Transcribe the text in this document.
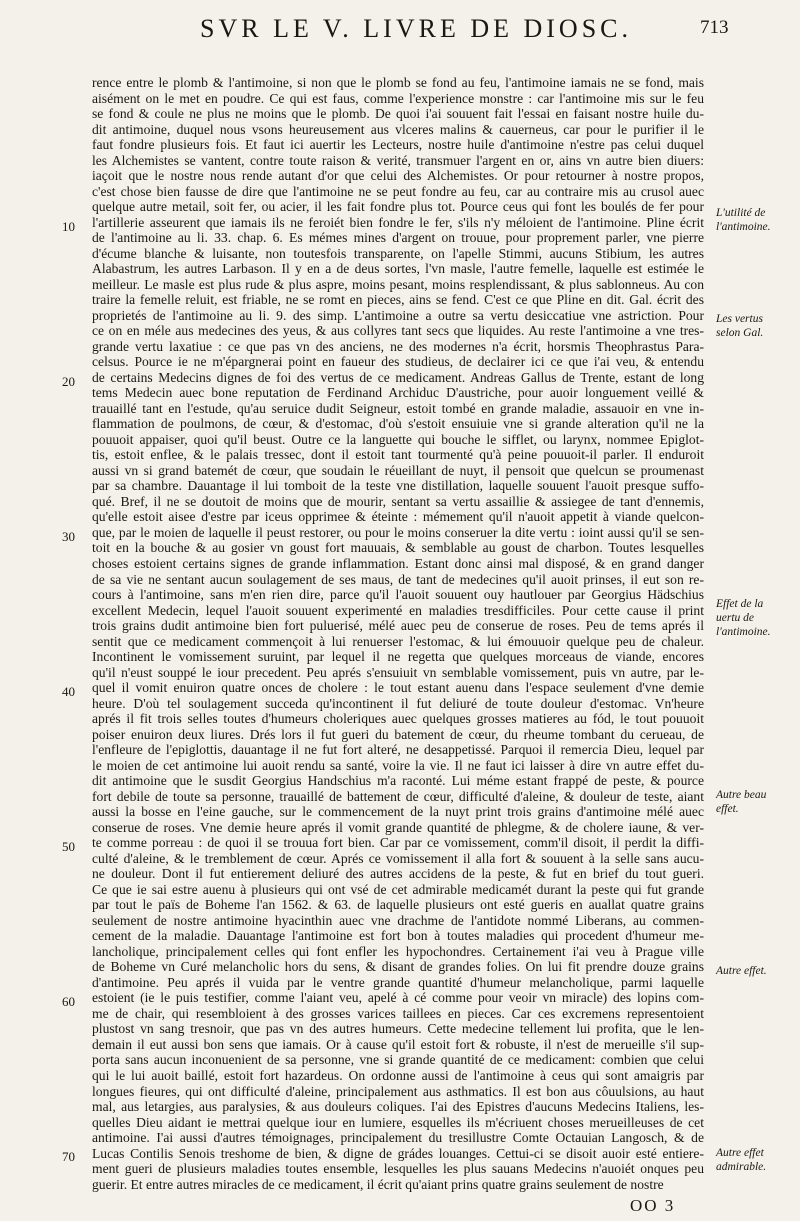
SVR LE V. LIVRE DE DIOSC.	713
10
20
30
40
50
60
70
rence entre le plomb & l'antimoine, si non que le plomb se fond au feu, l'antimoine iamais ne se fond, mais
aisément on le met en poudre. Ce qui est faus, comme l'experience monstre : car l'antimoine mis sur le feu
se fond & coule ne plus ne moins que le plomb. De quoi i'ai souuent fait l'essai en faisant nostre huile du-
dit antimoine, duquel nous vsons heureusement aus vlceres malins & cauerneus, car pour le purifier il le
faut fondre plusieurs fois. Et faut ici auertir les Lecteurs, nostre huile d'antimoine n'estre pas celui duquel
les Alchemistes se vantent, contre toute raison & verité, transmuer l'argent en or, ains vn autre bien diuers:
iaçoit que le nostre nous rende autant d'or que celui des Alchemistes. Or pour retourner à nostre propos,
c'est chose bien fausse de dire que l'antimoine ne se peut fondre au feu, car au contraire mis au crusol auec
quelque autre metail, soit fer, ou acier, il les fait fondre plus tot. Pource ceus qui font les boulés de fer pour
l'artillerie asseurent que iamais ils ne feroiét bien fondre le fer, s'ils n'y méloient de l'antimoine. Pline écrit
de l'antimoine au li. 33. chap. 6. Es mémes mines d'argent on trouue, pour proprement parler, vne pierre
d'écume blanche & luisante, non toutesfois transparente, on l'apelle Stimmi, aucuns Stibium, les autres
Alabastrum, les autres Larbason. Il y en a de deus sortes, l'vn masle, l'autre femelle, laquelle est estimée le
meilleur. Le masle est plus rude & plus aspre, moins pesant, moins resplendissant, & plus sablonneus. Au con
traire la femelle reluit, est friable, ne se romt en pieces, ains se fend. C'est ce que Pline en dit. Gal. écrit des
proprietés de l'antimoine au li. 9. des simp. L'antimoine a outre sa vertu desiccatiue vne astriction. Pour
ce on en méle aus medecines des yeus, & aus collyres tant secs que liquides. Au reste l'antimoine a vne tres-
grande vertu laxatiue : ce que pas vn des anciens, ne des modernes n'a écrit, horsmis Theophrastus Para-
celsus. Pource ie ne m'épargnerai point en faueur des studieus, de declairer ici ce que i'ai veu, & entendu
de certains Medecins dignes de foi des vertus de ce medicament. Andreas Gallus de Trente, estant de long
tems Medecin auec bone reputation de Ferdinand Archiduc D'austriche, pour auoir longuement veillé &
trauaillé tant en l'estude, qu'au seruice dudit Seigneur, estoit tombé en grande maladie, assauoir en vne in-
flammation de poulmons, de cœur, & d'estomac, d'où s'estoit ensuiuie vne si grande alteration qu'il ne la
pouuoit appaiser, quoi qu'il beust. Outre ce la languette qui bouche le sifflet, ou larynx, nommee Epiglot-
tis, estoit enflee, & le palais tressec, dont il estoit tant tourmenté qu'à peine pouuoit-il parler. Il enduroit
aussi vn si grand batemét de cœur, que soudain le réueillant de nuyt, il pensoit que quelcun se proumenast
par sa chambre. Dauantage il lui tomboit de la teste vne distillation, laquelle souuent l'auoit presque suffo-
qué. Bref, il ne se doutoit de moins que de mourir, sentant sa vertu assaillie & assiegee de tant d'ennemis,
qu'elle estoit aisee d'estre par iceus opprimee & éteinte : mémement qu'il n'auoit appetit à viande quelcon-
que, par le moien de laquelle il peust restorer, ou pour le moins conseruer la dite vertu : ioint aussi qu'il se sen-
toit en la bouche & au gosier vn goust fort mauuais, & semblable au goust de charbon. Toutes lesquelles
choses estoient certains signes de grande inflammation. Estant donc ainsi mal disposé, & en grand danger
de sa vie ne sentant aucun soulagement de ses maus, de tant de medecines qu'il auoit prinses, il eut son re-
cours à l'antimoine, sans m'en rien dire, parce qu'il l'auoit souuent ouy hautlouer par Georgius Hädschius
excellent Medecin, lequel l'auoit souuent experimenté en maladies tresdifficiles. Pour cette cause il print
trois grains dudit antimoine bien fort puluerisé, mélé auec peu de conserue de roses. Peu de tems aprés il
sentit que ce medicament commençoit à lui renuerser l'estomac, & lui émouuoir quelque peu de chaleur.
Incontinent le vomissement suruint, par lequel il ne regetta que quelques morceaus de viande, encores
qu'il n'eust souppé le iour precedent. Peu aprés s'ensuiuit vn semblable vomissement, puis vn autre, par le-
quel il vomit enuiron quatre onces de cholere : le tout estant auenu dans l'espace seulement d'vne demie
heure. D'où tel soulagement succeda qu'incontinent il fut deliuré de toute douleur d'estomac. Vn'heure
aprés il fit trois selles toutes d'humeurs choleriques auec quelques grosses matieres au fód, le tout pouuoit
poiser enuiron deux liures. Drés lors il fut gueri du batement de cœur, du rheume tombant du cerueau, de
l'enfleure de l'epiglottis, dauantage il ne fut fort alteré, ne desappetissé. Parquoi il remercia Dieu, lequel par
le moien de cet antimoine lui auoit rendu sa santé, voire la vie. Il ne faut ici laisser à dire vn autre effet du-
dit antimoine que le susdit Georgius Handschius m'a raconté. Lui méme estant frappé de peste, & pource
fort debile de toute sa personne, trauaillé de battement de cœur, difficulté d'aleine, & douleur de teste, aiant
aussi la bosse en l'eine gauche, sur le commencement de la nuyt print trois grains d'antimoine mélé auec
conserue de roses. Vne demie heure aprés il vomit grande quantité de phlegme, & de cholere iaune, & ver-
te comme porreau : de quoi il se trouua fort bien. Car par ce vomissement, comm'il disoit, il perdit la diffi-
culté d'aleine, & le tremblement de cœur. Aprés ce vomissement il alla fort & souuent à la selle sans aucu-
ne douleur. Dont il fut entierement deliuré des autres accidens de la peste, & fut en brief du tout gueri.
Ce que ie sai estre auenu à plusieurs qui ont vsé de cet admirable medicamét durant la peste qui fut grande
par tout le païs de Boheme l'an 1562. & 63. de laquelle plusieurs ont esté gueris en auallat quatre grains
seulement de nostre antimoine hyacinthin auec vne drachme de l'antidote nommé Liberans, au commen-
cement de la maladie. Dauantage l'antimoine est fort bon à toutes maladies qui procedent d'humeur me-
lancholique, principalement celles qui font enfler les hypochondres. Certainement i'ai veu à Prague ville
de Boheme vn Curé melancholic hors du sens, & disant de grandes folies. On lui fit prendre douze grains
d'antimoine. Peu aprés il vuida par le ventre grande quantité d'humeur melancholique, parmi laquelle
estoient (ie le puis testifier, comme l'aiant veu, apelé à cé comme pour veoir vn miracle) des lopins com-
me de chair, qui resembloient à des grosses varices taillees en pieces. Car ces excremens representoient
plustost vn sang tresnoir, que pas vn des autres humeurs. Cette medecine tellement lui profita, que le len-
demain il eut aussi bon sens que iamais. Or à cause qu'il estoit fort & robuste, il n'est de merueille s'il sup-
porta sans aucun inconuenient de sa personne, vne si grande quantité de ce medicament: combien que celui
qui le lui auoit baillé, estoit fort hazardeus. On ordonne aussi de l'antimoine à ceus qui sont amaigris par
longues fieures, qui ont difficulté d'aleine, principalement aus asthmatics. Il est bon aus côuulsions, au haut
mal, aus letargies, aus paralysies, & aus douleurs coliques. I'ai des Epistres d'aucuns Medecins Italiens, les-
quelles Dieu aidant ie mettrai quelque iour en lumiere, esquelles ils m'écriuent choses merueilleuses de cet
antimoine. I'ai aussi d'autres témoignages, principalement du tresillustre Comte Octauian Langosch, & de
Lucas Contilis Senois treshome de bien, & digne de grádes louanges. Cettui-ci se disoit auoir esté entiere-
ment gueri de plusieurs maladies toutes ensemble, lesquelles les plus sauans Medecins n'auoiét onques peu
guerir. Et entre autres miracles de ce medicament, il écrit qu'aiant prins quatre grains seulement de nostre
L'utilité de
l'antimoine.
Les vertus
selon Gal.
Effet de la
uertu de
l'antimoine.
Autre beau
effet.
Autre effet.
Autre effet
admirable.
OO 3
